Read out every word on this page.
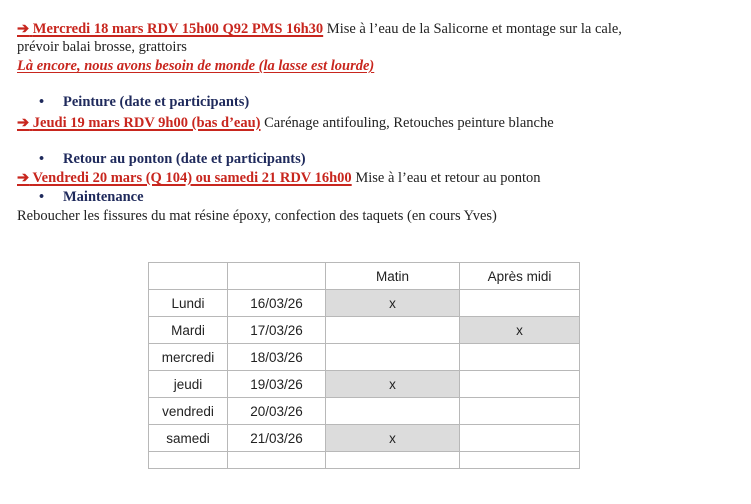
➔ Mercredi 18 mars RDV 15h00 Q92 PMS 16h30 Mise à l’eau de la Salicorne et montage sur la cale,
prévoir balai brosse, grattoirs
Là encore, nous avons besoin de monde (la lasse est lourde)
• Peinture (date et participants)
➔ Jeudi 19 mars RDV 9h00 (bas d’eau) Carénage antifouling, Retouches peinture blanche
• Retour au ponton (date et participants)
➔ Vendredi 20 mars (Q 104) ou samedi 21 RDV 16h00 Mise à l’eau et retour au ponton
• Maintenance
Reboucher les fissures du mat résine époxy, confection des taquets (en cours Yves)
		Matin	Après midi
Lundi	16/03/26	x	
Mardi	17/03/26		x
mercredi	18/03/26		
jeudi	19/03/26	x	
vendredi	20/03/26		
samedi	21/03/26	x	
